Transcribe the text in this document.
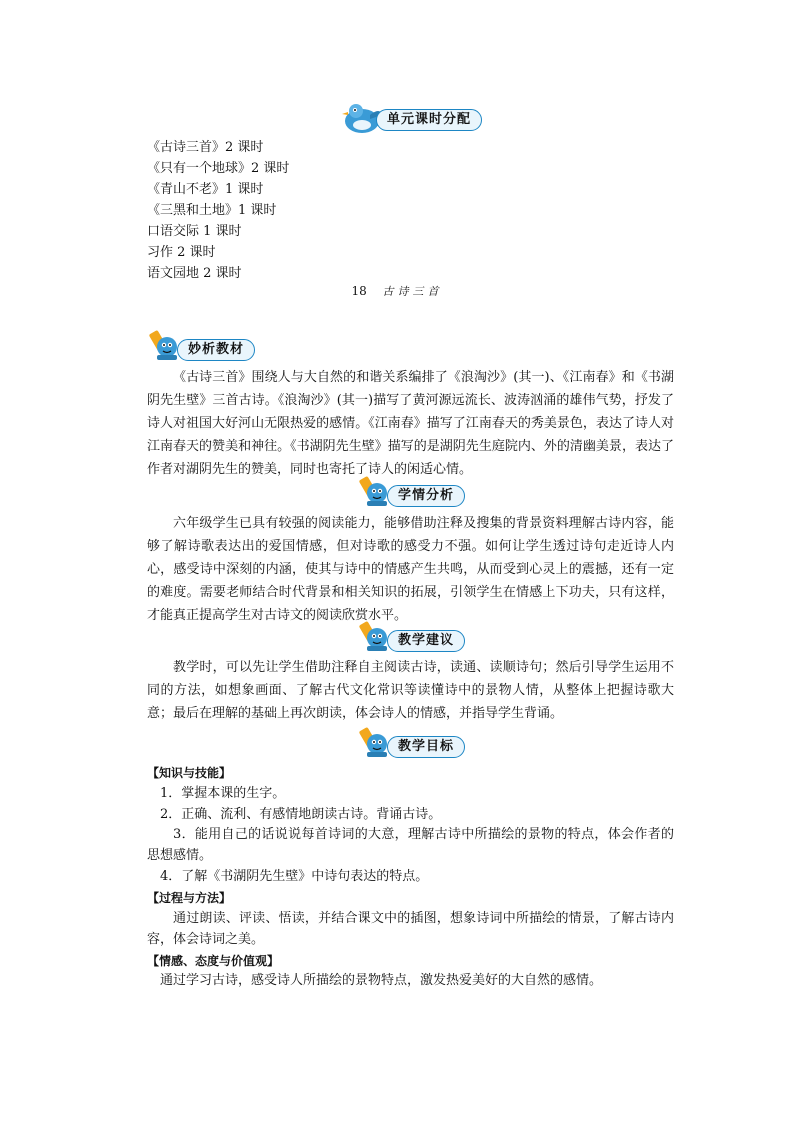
单元课时分配
《古诗三首》2 课时
《只有一个地球》2 课时
《青山不老》1 课时
《三黑和土地》1 课时
口语交际 1 课时
习作 2 课时
语文园地 2 课时
18 古诗三首
妙析教材

《古诗三首》围绕人与大自然的和谐关系编排了《浪淘沙》(其一)、《江南春》和《书湖阴先生壁》三首古诗。《浪淘沙》(其一)描写了黄河源远流长、波涛汹涌的雄伟气势，抒发了诗人对祖国大好河山无限热爱的感情。《江南春》描写了江南春天的秀美景色，表达了诗人对江南春天的赞美和神往。《书湖阴先生壁》描写的是湖阴先生庭院内、外的清幽美景，表达了作者对湖阴先生的赞美，同时也寄托了诗人的闲适心情。

学情分析

六年级学生已具有较强的阅读能力，能够借助注释及搜集的背景资料理解古诗内容，能够了解诗歌表达出的爱国情感，但对诗歌的感受力不强。如何让学生透过诗句走近诗人内心，感受诗中深刻的内涵，使其与诗中的情感产生共鸣，从而受到心灵上的震撼，还有一定的难度。需要老师结合时代背景和相关知识的拓展，引领学生在情感上下功夫，只有这样，才能真正提高学生对古诗文的阅读欣赏水平。

教学建议

教学时，可以先让学生借助注释自主阅读古诗，读通、读顺诗句；然后引导学生运用不同的方法，如想象画面、了解古代文化常识等读懂诗中的景物人情，从整体上把握诗歌大意；最后在理解的基础上再次朗读，体会诗人的情感，并指导学生背诵。

教学目标
【知识与技能】
1．掌握本课的生字。
2．正确、流利、有感情地朗读古诗。背诵古诗。

3．能用自己的话说说每首诗词的大意，理解古诗中所描绘的景物的特点，体会作者的思想感情。

4．了解《书湖阴先生壁》中诗句表达的特点。
【过程与方法】

通过朗读、评读、悟读，并结合课文中的插图，想象诗词中所描绘的情景，了解古诗内容，体会诗词之美。

【情感、态度与价值观】
通过学习古诗，感受诗人所描绘的景物特点，激发热爱美好的大自然的感情。
